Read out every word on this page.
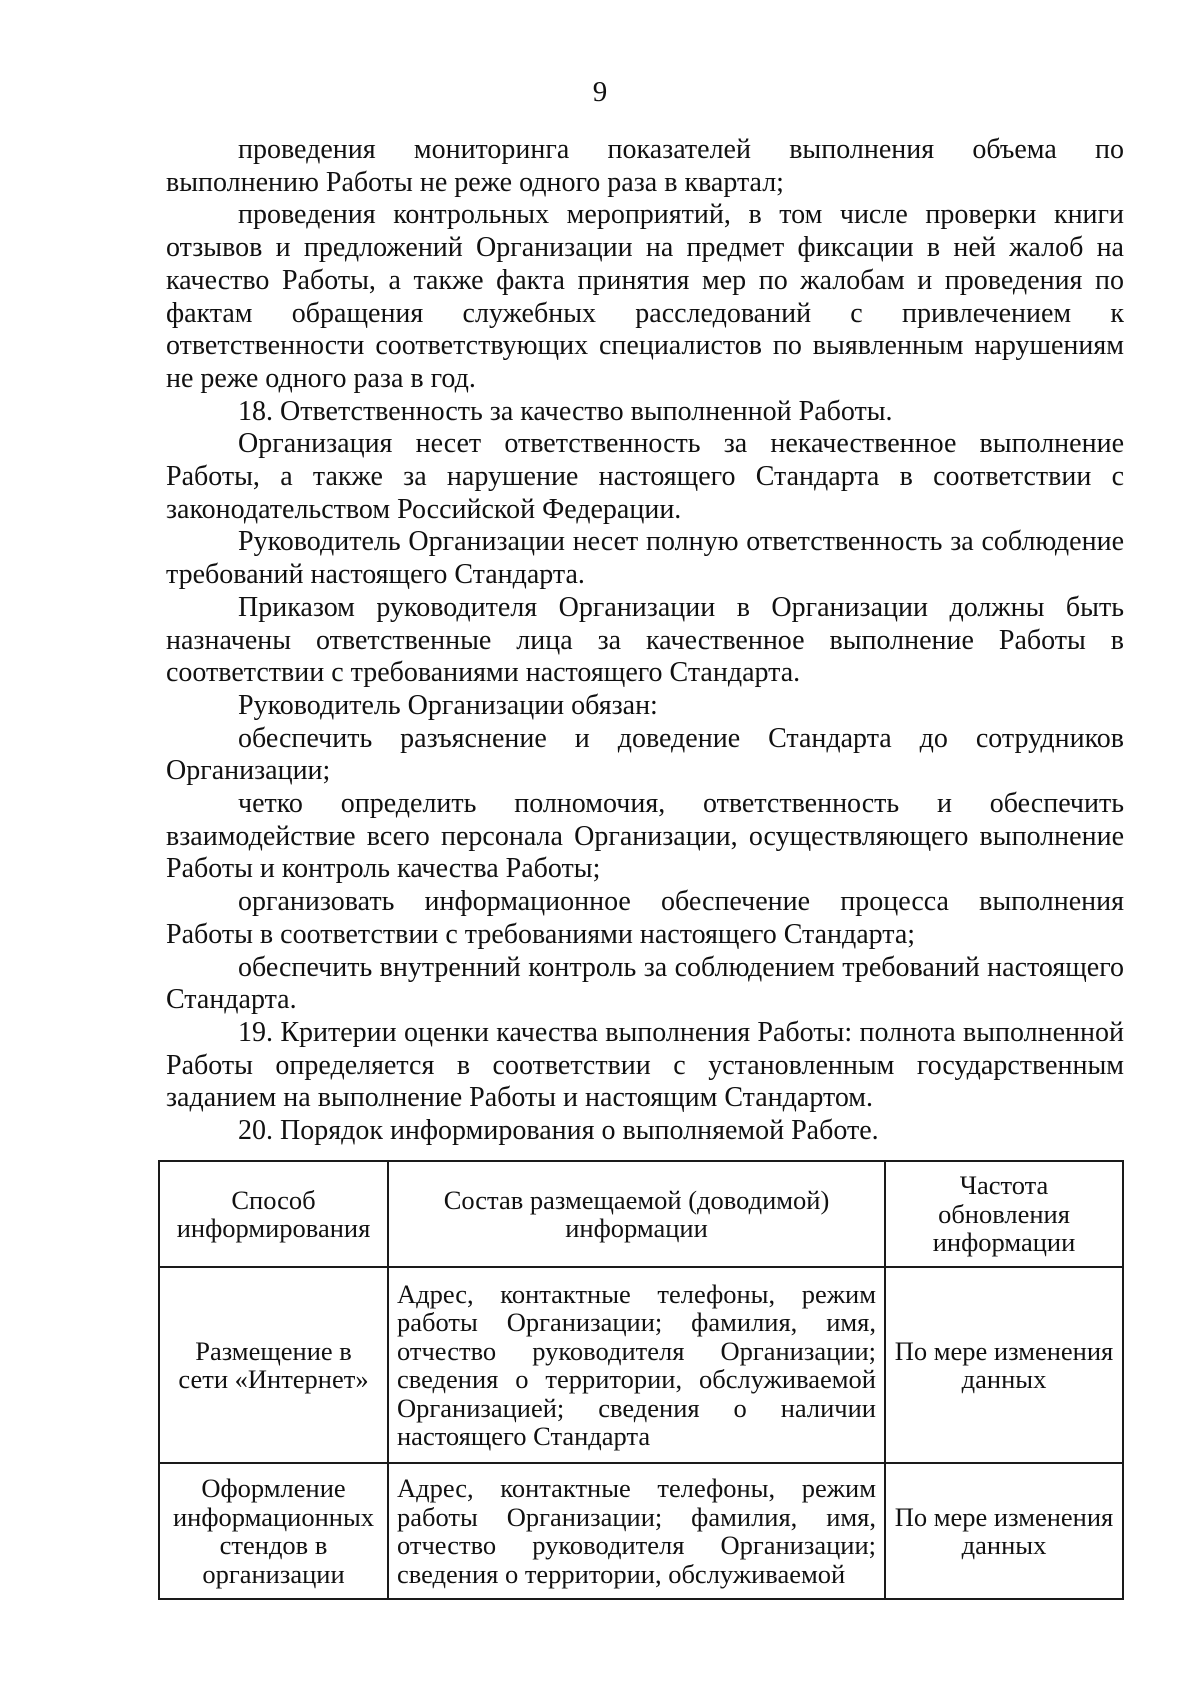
9

проведения мониторинга показателей выполнения объема по выполнению Работы не реже одного раза в квартал;

проведения контрольных мероприятий, в том числе проверки книги отзывов и предложений Организации на предмет фиксации в ней жалоб на качество Работы, а также факта принятия мер по жалобам и проведения по фактам обращения служебных расследований с привлечением к ответственности соответствующих специалистов по выявленным нарушениям не реже одного раза в год.

18. Ответственность за качество выполненной Работы.

Организация несет ответственность за некачественное выполнение Работы, а также за нарушение настоящего Стандарта в соответствии с законодательством Российской Федерации.

Руководитель Организации несет полную ответственность за соблюдение требований настоящего Стандарта.

Приказом руководителя Организации в Организации должны быть назначены ответственные лица за качественное выполнение Работы в соответствии с требованиями настоящего Стандарта.

Руководитель Организации обязан:

обеспечить разъяснение и доведение Стандарта до сотрудников Организации;

четко определить полномочия, ответственность и обеспечить взаимодействие всего персонала Организации, осуществляющего выполнение Работы и контроль качества Работы;

организовать информационное обеспечение процесса выполнения Работы в соответствии с требованиями настоящего Стандарта;

обеспечить внутренний контроль за соблюдением требований настоящего Стандарта.

19. Критерии оценки качества выполнения Работы: полнота выполненной Работы определяется в соответствии с установленным государственным заданием на выполнение Работы и настоящим Стандартом.

20. Порядок информирования о выполняемой Работе.

Способ информирования	Состав размещаемой (доводимой) информации	Частота обновления информации
Размещение в сети «Интернет»	Адрес, контактные телефоны, режим работы Организации; фамилия, имя, отчество руководителя Организации; сведения о территории, обслуживаемой Организацией; сведения о наличии настоящего Стандарта	По мере изменения данных
Оформление информационных стендов в организации	Адрес, контактные телефоны, режим работы Организации; фамилия, имя, отчество руководителя Организации; сведения о территории, обслуживаемой	По мере изменения данных
